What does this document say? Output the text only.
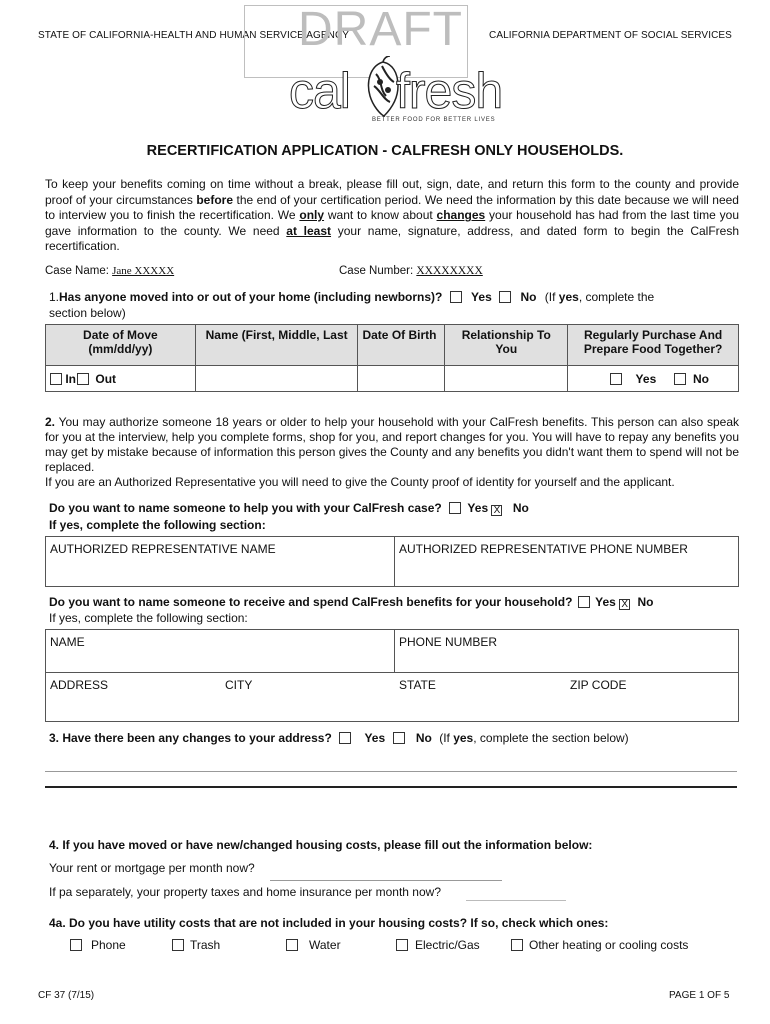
STATE OF CALIFORNIA-HEALTH AND HUMAN SERVICE AGENCY	CALIFORNIA DEPARTMENT OF SOCIAL SERVICES
DRAFT
cal fresh
BETTER FOOD FOR BETTER LIVES
RECERTIFICATION APPLICATION - CALFRESH ONLY HOUSEHOLDS.
To keep your benefits coming on time without a break, please fill out, sign, date, and return this form to the county and provide proof of your circumstances before the end of your certification period. We need the information by this date because we will need to interview you to finish the recertification. We only want to know about changes your household has had from the last time you gave information to the county. We need at least your name, signature, address, and dated form to begin the CalFresh recertification.
Case Name: Jane XXXXX	Case Number: XXXXXXXX
1.Has anyone moved into or out of your home (including newborns)? Yes No (If yes, complete the
section below)
Date of Move (mm/dd/yy)	Name (First, Middle, Last	Date Of Birth	Relationship To You	Regularly Purchase And Prepare Food Together?
In Out				Yes No
2. You may authorize someone 18 years or older to help your household with your CalFresh benefits. This person can also speak for you at the interview, help you complete forms, shop for you, and report changes for you. You will have to repay any benefits you may get by mistake because of information this person gives the County and any benefits you didn't want them to spend will not be replaced.
If you are an Authorized Representative you will need to give the County proof of identity for yourself and the applicant.
Do you want to name someone to help you with your CalFresh case? Yes X No
If yes, complete the following section:
AUTHORIZED REPRESENTATIVE NAME	AUTHORIZED REPRESENTATIVE PHONE NUMBER
Do you want to name someone to receive and spend CalFresh benefits for your household? Yes X No
If yes, complete the following section:
NAME	PHONE NUMBER
ADDRESS	CITY	STATE	ZIP CODE
3. Have there been any changes to your address?	Yes	No (If yes, complete the section below)
4. If you have moved or have new/changed housing costs, please fill out the information below:
Your rent or mortgage per month now?
If pa separately, your property taxes and home insurance per month now?
4a. Do you have utility costs that are not included in your housing costs? If so, check which ones:
Phone	Trash	Water	Electric/Gas	Other heating or cooling costs
CF 37 (7/15)	PAGE 1 OF 5
